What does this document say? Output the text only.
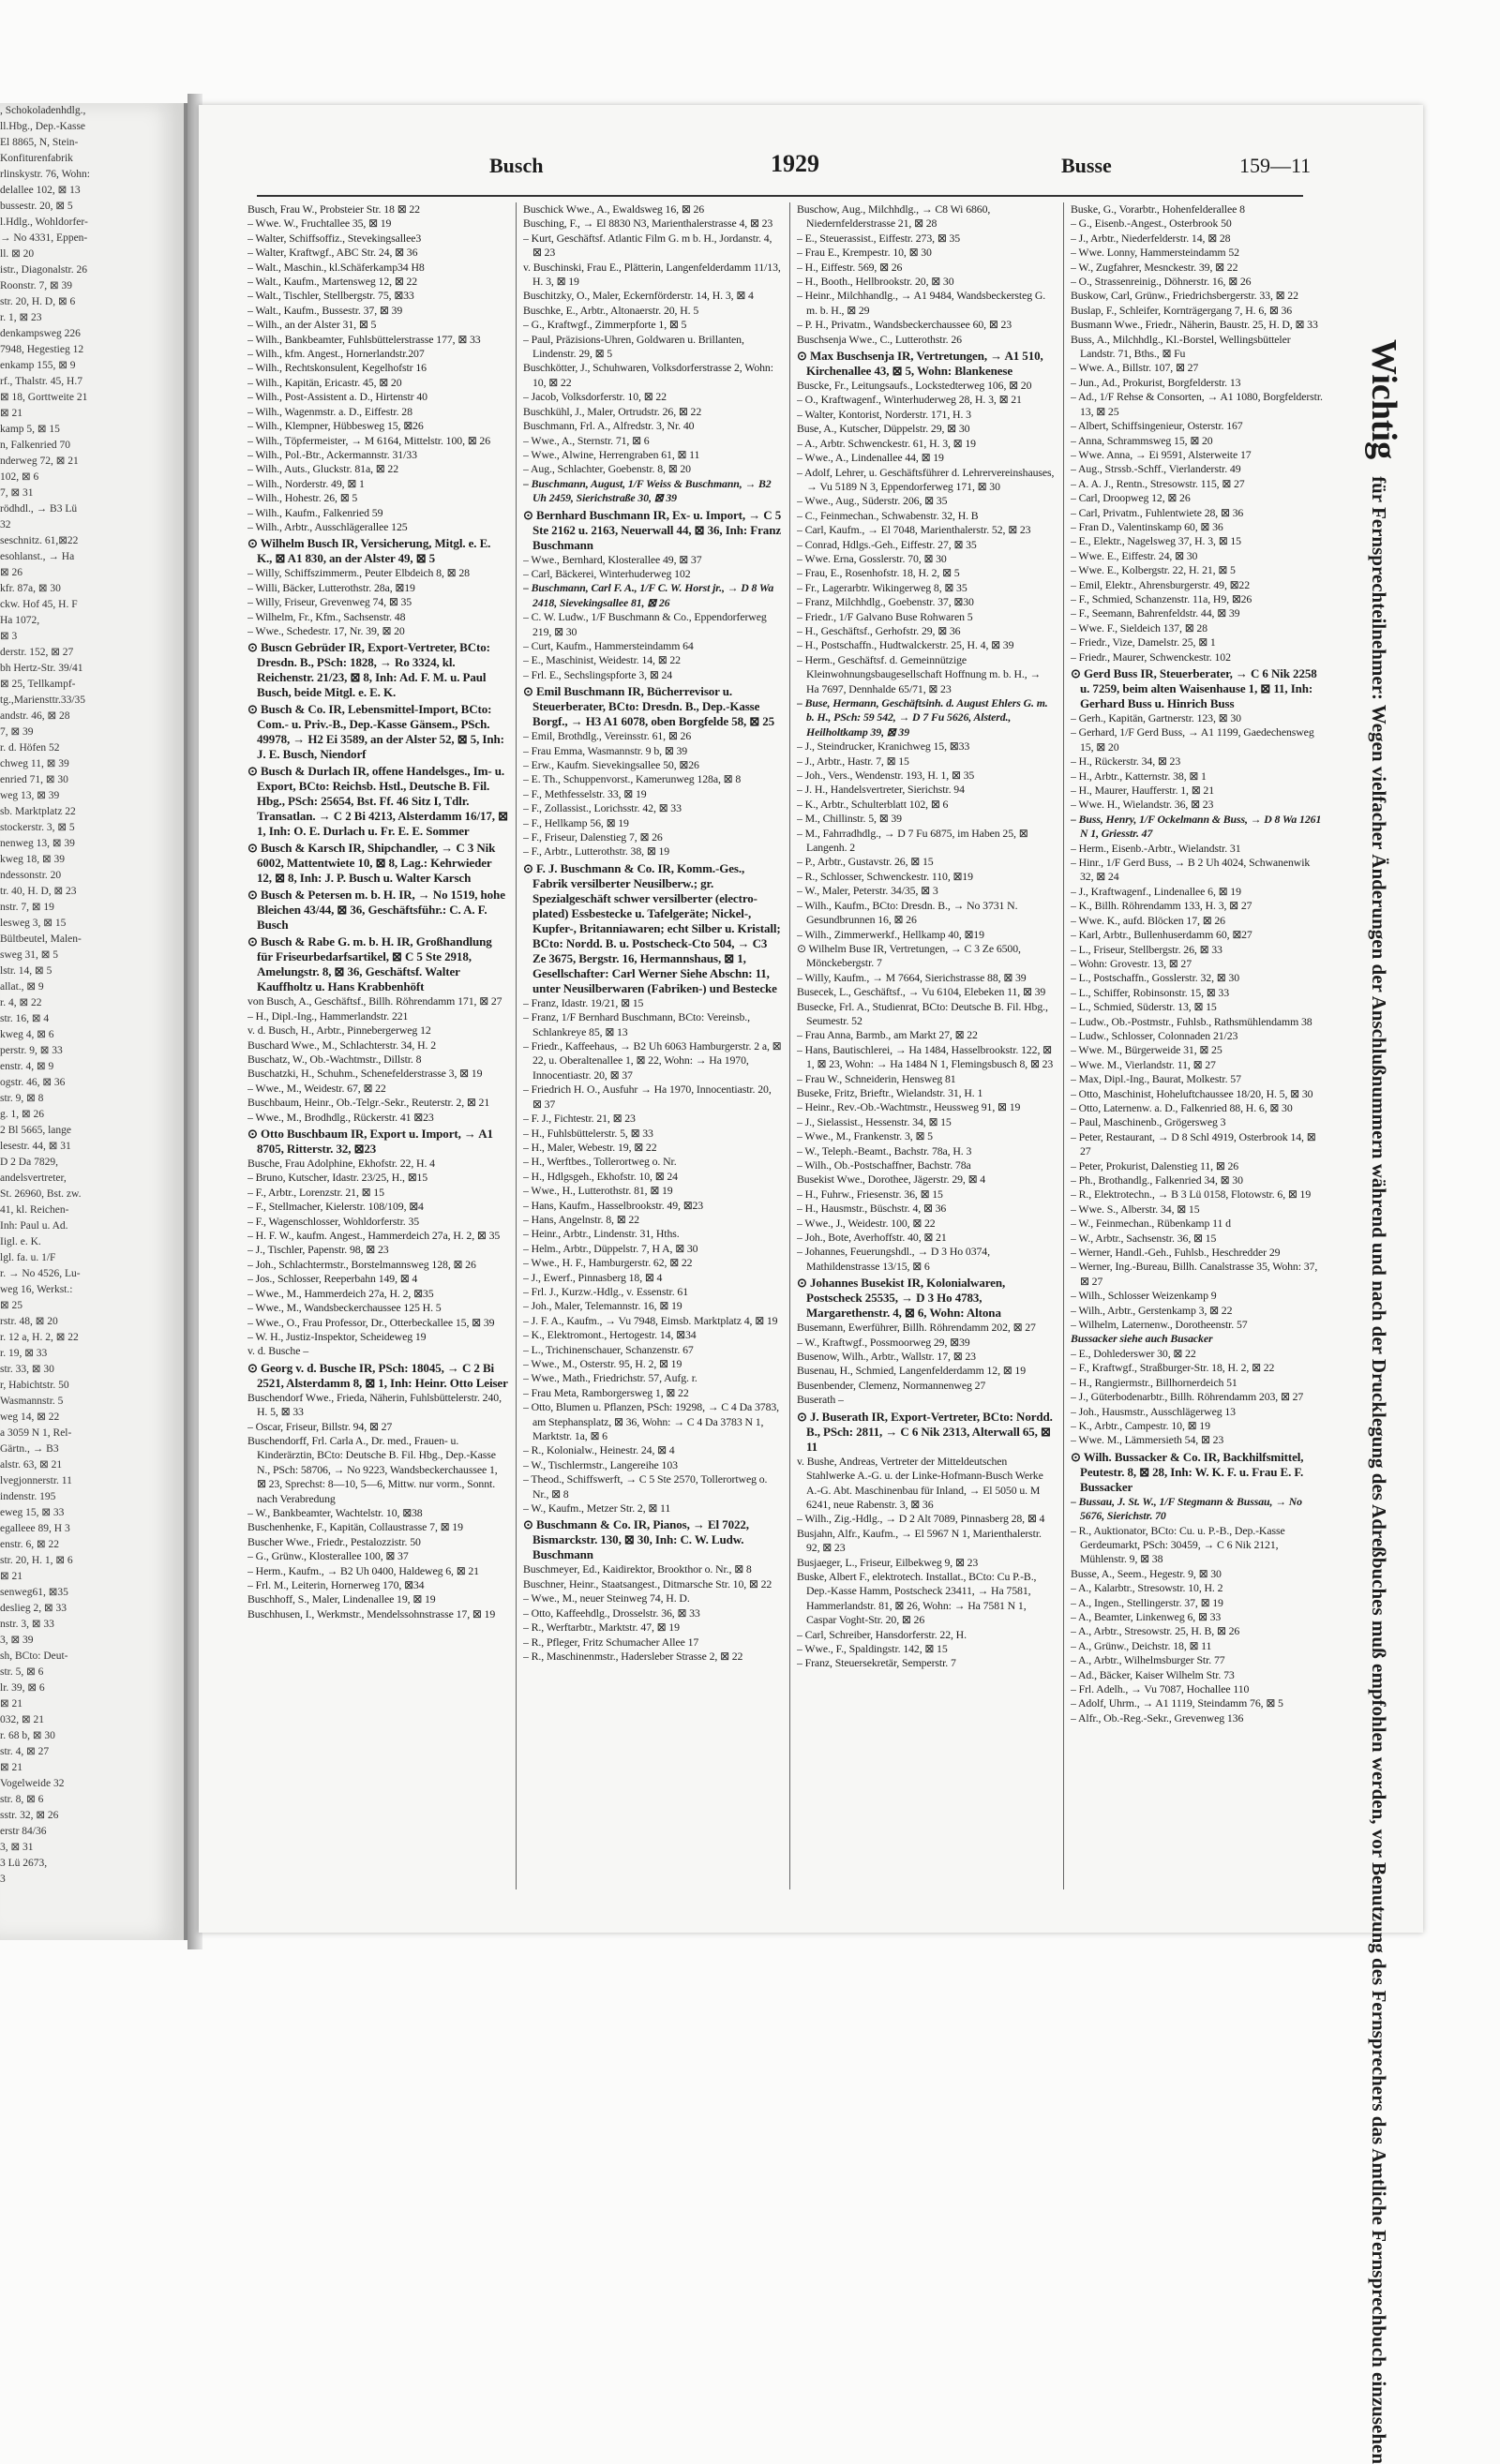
, Schokoladenhdlg.,
ll.Hbg., Dep.-Kasse
El 8865, N, Stein-
Konfiturenfabrik
rlinskystr. 76, Wohn:
delallee 102, ⊠ 13
bussestr. 20, ⊠ 5
l.Hdlg., Wohldorfer-
→ No 4331, Eppen-
ll. ⊠ 20
istr., Diagonalstr. 26
Roonstr. 7, ⊠ 39
str. 20, H. D, ⊠ 6
r. 1, ⊠ 23
denkampsweg 226
7948, Hegestieg 12
enkamp 155, ⊠ 9
rf., Thalstr. 45, H.7
⊠ 18, Gorttweite 21
⊠ 21
kamp 5, ⊠ 15
n, Falkenried 70
nderweg 72, ⊠ 21
102, ⊠ 6
7, ⊠ 31
rödhdl., → B3 Lü
32
seschnitz. 61,⊠22
esohlanst., → Ha
⊠ 26
kfr. 87a, ⊠ 30
ckw. Hof 45, H. F
Ha 1072,
⊠ 3
derstr. 152, ⊠ 27
bh Hertz-Str. 39/41
⊠ 25, Tellkampf-
tg.,Mariensttr.33/35
andstr. 46, ⊠ 28
7, ⊠ 39
r. d. Höfen 52
chweg 11, ⊠ 39
enried 71, ⊠ 30
weg 13, ⊠ 39
sb. Marktplatz 22
stockerstr. 3, ⊠ 5
nenweg 13, ⊠ 39
kweg 18, ⊠ 39
ndessonstr. 20
tr. 40, H. D, ⊠ 23
nstr. 7, ⊠ 19
lesweg 3, ⊠ 15
Bültbeutel, Malen-
sweg 31, ⊠ 5
lstr. 14, ⊠ 5
allat., ⊠ 9
r. 4, ⊠ 22
str. 16, ⊠ 4
kweg 4, ⊠ 6
perstr. 9, ⊠ 33
enstr. 4, ⊠ 9
ogstr. 46, ⊠ 36
str. 9, ⊠ 8
g. 1, ⊠ 26
2 Bl 5665, lange
lesestr. 44, ⊠ 31
D 2 Da 7829,
andelsvertreter,
St. 26960, Bst. zw.
41, kl. Reichen-
Inh: Paul u. Ad.
Iigl. e. K.
lgl. fa. u. 1/F
r. → No 4526, Lu-
weg 16, Werkst.:
⊠ 25
rstr. 48, ⊠ 20
r. 12 a, H. 2, ⊠ 22
r. 19, ⊠ 33
str. 33, ⊠ 30
r, Habichtstr. 50
Wasmannstr. 5
weg 14, ⊠ 22
a 3059 N 1, Rel-
Gärtn., → B3
alstr. 63, ⊠ 21
lvegjonnerstr. 11
indenstr. 195
eweg 15, ⊠ 33
egalleee 89, H 3
enstr. 6, ⊠ 22
str. 20, H. 1, ⊠ 6
⊠ 21
senweg61, ⊠35
deslieg 2, ⊠ 33
nstr. 3, ⊠ 33
3, ⊠ 39
sh, BCto: Deut-
str. 5, ⊠ 6
lr. 39, ⊠ 6
⊠ 21
032, ⊠ 21
r. 68 b, ⊠ 30
str. 4, ⊠ 27
⊠ 21
Vogelweide 32
str. 8, ⊠ 6
sstr. 32, ⊠ 26
erstr 84/36
3, ⊠ 31
3 Lü 2673,
3
Busch	1929	Busse	159—11
Busch, Frau W., Probsteier Str. 18 ⊠ 22
– Wwe. W., Fruchtallee 35, ⊠ 19
– Walter, Schiffsoffiz., Stevekingsallee3
– Walter, Kraftwgf., ABC Str. 24, ⊠ 36
– Walt., Maschin., kl.Schäferkamp34 H8
– Walt., Kaufm., Martensweg 12, ⊠ 22
– Walt., Tischler, Stellbergstr. 75, ⊠33
– Walt., Kaufm., Bussestr. 37, ⊠ 39
– Wilh., an der Alster 31, ⊠ 5
– Wilh., Bankbeamter, Fuhlsbüttelerstrasse 177, ⊠ 33
– Wilh., kfm. Angest., Hornerlandstr.207
– Wilh., Rechtskonsulent, Kegelhofstr 16
– Wilh., Kapitän, Ericastr. 45, ⊠ 20
– Wilh., Post-Assistent a. D., Hirtenstr 40
– Wilh., Wagenmstr. a. D., Eiffestr. 28
– Wilh., Klempner, Hübbesweg 15, ⊠26
– Wilh., Töpfermeister, → M 6164, Mittelstr. 100, ⊠ 26
– Wilh., Pol.-Btr., Ackermannstr. 31/33
– Wilh., Auts., Gluckstr. 81a, ⊠ 22
– Wilh., Norderstr. 49, ⊠ 1
– Wilh., Hohestr. 26, ⊠ 5
– Wilh., Kaufm., Falkenried 59
– Wilh., Arbtr., Ausschlägerallee 125
⊙ Wilhelm Busch IR, Versicherung, Mitgl. e. E. K., ⊠ A1 830, an der Alster 49, ⊠ 5
– Willy, Schiffszimmerm., Peuter Elbdeich 8, ⊠ 28
– Willi, Bäcker, Lutterothstr. 28a, ⊠19
– Willy, Friseur, Grevenweg 74, ⊠ 35
– Wilhelm, Fr., Kfm., Sachsenstr. 48
– Wwe., Schedestr. 17, Nr. 39, ⊠ 20
⊙ Buscn Gebrüder IR, Export-Vertreter, BCto: Dresdn. B., PSch: 1828, → Ro 3324, kl. Reichenstr. 21/23, ⊠ 8, Inh: Ad. F. M. u. Paul Busch, beide Mitgl. e. E. K.
⊙ Busch & Co. IR, Lebensmittel-Import, BCto: Com.- u. Priv.-B., Dep.-Kasse Gänsem., PSch. 49978, → H2 Ei 3589, an der Alster 52, ⊠ 5, Inh: J. E. Busch, Niendorf
⊙ Busch & Durlach IR, offene Handelsges., Im- u. Export, BCto: Reichsb. Hstl., Deutsche B. Fil. Hbg., PSch: 25654, Bst. Ff. 46 Sitz I, Tdlr. Transatlan. → C 2 Bi 4213, Alsterdamm 16/17, ⊠ 1, Inh: O. E. Durlach u. Fr. E. E. Sommer
⊙ Busch & Karsch IR, Shipchandler, → C 3 Nik 6002, Mattentwiete 10, ⊠ 8, Lag.: Kehrwieder 12, ⊠ 8, Inh: J. P. Busch u. Walter Karsch
⊙ Busch & Petersen m. b. H. IR, → No 1519, hohe Bleichen 43/44, ⊠ 36, Geschäftsführ.: C. A. F. Busch
⊙ Busch & Rabe G. m. b. H. IR, Großhandlung für Friseurbedarfsartikel, ⊠ C 5 Ste 2918, Amelungstr. 8, ⊠ 36, Geschäftsf. Walter Kauffholtz u. Hans Krabbenhöft
von Busch, A., Geschäftsf., Billh. Röhrendamm 171, ⊠ 27
– H., Dipl.-Ing., Hammerlandstr. 221
v. d. Busch, H., Arbtr., Pinnebergerweg 12
Buschard Wwe., M., Schlachterstr. 34, H. 2
Buschatz, W., Ob.-Wachtmstr., Dillstr. 8
Buschatzki, H., Schuhm., Schenefelderstrasse 3, ⊠ 19
– Wwe., M., Weidestr. 67, ⊠ 22
Buschbaum, Heinr., Ob.-Telgr.-Sekr., Reuterstr. 2, ⊠ 21
– Wwe., M., Brodhdlg., Rückerstr. 41 ⊠23
⊙ Otto Buschbaum IR, Export u. Import, → A1 8705, Ritterstr. 32, ⊠23
Busche, Frau Adolphine, Ekhofstr. 22, H. 4
– Bruno, Kutscher, Idastr. 23/25, H., ⊠15
– F., Arbtr., Lorenzstr. 21, ⊠ 15
– F., Stellmacher, Kielerstr. 108/109, ⊠4
– F., Wagenschlosser, Wohldorferstr. 35
– H. F. W., kaufm. Angest., Hammerdeich 27a, H. 2, ⊠ 35
– J., Tischler, Papenstr. 98, ⊠ 23
– Joh., Schlachtermstr., Borstelmannsweg 128, ⊠ 26
– Jos., Schlosser, Reeperbahn 149, ⊠ 4
– Wwe., M., Hammerdeich 27a, H. 2, ⊠35
– Wwe., M., Wandsbeckerchaussee 125 H. 5
– Wwe., O., Frau Professor, Dr., Otterbeckallee 15, ⊠ 39
– W. H., Justiz-Inspektor, Scheideweg 19
v. d. Busche –
⊙ Georg v. d. Busche IR, PSch: 18045, → C 2 Bi 2521, Alsterdamm 8, ⊠ 1, Inh: Heinr. Otto Leiser
Buschendorf Wwe., Frieda, Näherin, Fuhlsbüttelerstr. 240, H. 5, ⊠ 33
– Oscar, Friseur, Billstr. 94, ⊠ 27
Buschendorff, Frl. Carla A., Dr. med., Frauen- u. Kinderärztin, BCto: Deutsche B. Fil. Hbg., Dep.-Kasse N., PSch: 58706, → No 9223, Wandsbeckerchaussee 1, ⊠ 23, Sprechst: 8—10, 5—6, Mittw. nur vorm., Sonnt. nach Verabredung
– W., Bankbeamter, Wachtelstr. 10, ⊠38
Buschenhenke, F., Kapitän, Collaustrasse 7, ⊠ 19
Buscher Wwe., Friedr., Pestalozzistr. 50
– G., Grünw., Klosterallee 100, ⊠ 37
– Herm., Kaufm., → B2 Uh 0400, Haldeweg 6, ⊠ 21
– Frl. M., Leiterin, Hornerweg 170, ⊠34
Buschhoff, S., Maler, Lindenallee 19, ⊠ 19
Buschhusen, I., Werkmstr., Mendelssohnstrasse 17, ⊠ 19
Buschick Wwe., A., Ewaldsweg 16, ⊠ 26
Busching, F., → El 8830 N3, Marienthalerstrasse 4, ⊠ 23
– Kurt, Geschäftsf. Atlantic Film G. m b. H., Jordanstr. 4, ⊠ 23
v. Buschinski, Frau E., Plätterin, Langenfelderdamm 11/13, H. 3, ⊠ 19
Buschitzky, O., Maler, Eckernförderstr. 14, H. 3, ⊠ 4
Buschke, E., Arbtr., Altonaerstr. 20, H. 5
– G., Kraftwgf., Zimmerpforte 1, ⊠ 5
– Paul, Präzisions-Uhren, Goldwaren u. Brillanten, Lindenstr. 29, ⊠ 5
Buschkötter, J., Schuhwaren, Volksdorferstrasse 2, Wohn: 10, ⊠ 22
– Jacob, Volksdorferstr. 10, ⊠ 22
Buschkühl, J., Maler, Ortrudstr. 26, ⊠ 22
Buschmann, Frl. A., Alfredstr. 3, Nr. 40
– Wwe., A., Sternstr. 71, ⊠ 6
– Wwe., Alwine, Herrengraben 61, ⊠ 11
– Aug., Schlachter, Goebenstr. 8, ⊠ 20
– Buschmann, August, 1/F Weiss & Buschmann, → B2 Uh 2459, Sierichstraße 30, ⊠ 39
⊙ Bernhard Buschmann IR, Ex- u. Import, → C 5 Ste 2162 u. 2163, Neuerwall 44, ⊠ 36, Inh: Franz Buschmann
– Wwe., Bernhard, Klosterallee 49, ⊠ 37
– Carl, Bäckerei, Winterhuderweg 102
– Buschmann, Carl F. A., 1/F C. W. Horst jr., → D 8 Wa 2418, Sievekingsallee 81, ⊠ 26
– C. W. Ludw., 1/F Buschmann & Co., Eppendorferweg 219, ⊠ 30
– Curt, Kaufm., Hammersteindamm 64
– E., Maschinist, Weidestr. 14, ⊠ 22
– Frl. E., Sechslingspforte 3, ⊠ 24
⊙ Emil Buschmann IR, Bücherrevisor u. Steuerberater, BCto: Dresdn. B., Dep.-Kasse Borgf., → H3 A1 6078, oben Borgfelde 58, ⊠ 25
– Emil, Brothdlg., Vereinsstr. 61, ⊠ 26
– Frau Emma, Wasmannstr. 9 b, ⊠ 39
– Erw., Kaufm. Sievekingsallee 50, ⊠26
– E. Th., Schuppenvorst., Kamerunweg 128a, ⊠ 8
– F., Methfesselstr. 33, ⊠ 19
– F., Zollassist., Lorichsstr. 42, ⊠ 33
– F., Hellkamp 56, ⊠ 19
– F., Friseur, Dalenstieg 7, ⊠ 26
– F., Arbtr., Lutterothstr. 38, ⊠ 19
⊙ F. J. Buschmann & Co. IR, Komm.-Ges., Fabrik versilberter Neusilberw.; gr. Spezialgeschäft schwer versilberter (electro-plated) Essbestecke u. Tafelgeräte; Nickel-, Kupfer-, Britanniawaren; echt Silber u. Kristall; BCto: Nordd. B. u. Postscheck-Cto 504, → C3 Ze 3675, Bergstr. 16, Hermannshaus, ⊠ 1, Gesellschafter: Carl Werner Siehe Abschn: 11, unter Neusilberwaren (Fabriken-) und Bestecke
– Franz, Idastr. 19/21, ⊠ 15
– Franz, 1/F Bernhard Buschmann, BCto: Vereinsb., Schlankreye 85, ⊠ 13
– Friedr., Kaffeehaus, → B2 Uh 6063 Hamburgerstr. 2 a, ⊠ 22, u. Oberaltenallee 1, ⊠ 22, Wohn: → Ha 1970, Innocentiastr. 20, ⊠ 37
– Friedrich H. O., Ausfuhr → Ha 1970, Innocentiastr. 20, ⊠ 37
– F. J., Fichtestr. 21, ⊠ 23
– H., Fuhlsbüttelerstr. 5, ⊠ 33
– H., Maler, Webestr. 19, ⊠ 22
– H., Werftbes., Tollerortweg o. Nr.
– H., Hdlgsgeh., Ekhofstr. 10, ⊠ 24
– Wwe., H., Lutterothstr. 81, ⊠ 19
– Hans, Kaufm., Hasselbrookstr. 49, ⊠23
– Hans, Angelnstr. 8, ⊠ 22
– Heinr., Arbtr., Lindenstr. 31, Hths.
– Helm., Arbtr., Düppelstr. 7, H A, ⊠ 30
– Wwe., H. F., Hamburgerstr. 62, ⊠ 22
– J., Ewerf., Pinnasberg 18, ⊠ 4
– Frl. J., Kurzw.-Hdlg., v. Essenstr. 61
– Joh., Maler, Telemannstr. 16, ⊠ 19
– J. F. A., Kaufm., → Vu 7948, Eimsb. Marktplatz 4, ⊠ 19
– K., Elektromont., Hertogestr. 14, ⊠34
– L., Trichinenschauer, Schanzenstr. 67
– Wwe., M., Osterstr. 95, H. 2, ⊠ 19
– Wwe., Math., Friedrichstr. 57, Aufg. r.
– Frau Meta, Ramborgersweg 1, ⊠ 22
– Otto, Blumen u. Pflanzen, PSch: 19298, → C 4 Da 3783, am Stephansplatz, ⊠ 36, Wohn: → C 4 Da 3783 N 1, Marktstr. 1a, ⊠ 6
– R., Kolonialw., Heinestr. 24, ⊠ 4
– W., Tischlermstr., Langereihe 103
– Theod., Schiffswerft, → C 5 Ste 2570, Tollerortweg o. Nr., ⊠ 8
– W., Kaufm., Metzer Str. 2, ⊠ 11
⊙ Buschmann & Co. IR, Pianos, → El 7022, Bismarckstr. 130, ⊠ 30, Inh: C. W. Ludw. Buschmann
Buschmeyer, Ed., Kaidirektor, Brookthor o. Nr., ⊠ 8
Buschner, Heinr., Staatsangest., Ditmarsche Str. 10, ⊠ 22
– Wwe., M., neuer Steinweg 74, H. D.
– Otto, Kaffeehdlg., Drosselstr. 36, ⊠ 33
– R., Werftarbtr., Marktstr. 47, ⊠ 19
– R., Pfleger, Fritz Schumacher Allee 17
– R., Maschinenmstr., Hadersleber Strasse 2, ⊠ 22
Buschow, Aug., Milchhdlg., → C8 Wi 6860, Niedernfelderstrasse 21, ⊠ 28
– E., Steuerassist., Eiffestr. 273, ⊠ 35
– Frau E., Krempestr. 10, ⊠ 30
– H., Eiffestr. 569, ⊠ 26
– H., Booth., Hellbrookstr. 20, ⊠ 30
– Heinr., Milchhandlg., → A1 9484, Wandsbeckersteg G. m. b. H., ⊠ 29
– P. H., Privatm., Wandsbeckerchaussee 60, ⊠ 23
Buschsenja Wwe., C., Lutterothstr. 26
⊙ Max Buschsenja IR, Vertretungen, → A1 510, Kirchenallee 43, ⊠ 5, Wohn: Blankenese
Buscke, Fr., Leitungsaufs., Lockstedterweg 106, ⊠ 20
– O., Kraftwagenf., Winterhuderweg 28, H. 3, ⊠ 21
– Walter, Kontorist, Norderstr. 171, H. 3
Buse, A., Kutscher, Düppelstr. 29, ⊠ 30
– A., Arbtr. Schwenckestr. 61, H. 3, ⊠ 19
– Wwe., A., Lindenallee 44, ⊠ 19
– Adolf, Lehrer, u. Geschäftsführer d. Lehrervereinshauses, → Vu 5189 N 3, Eppendorferweg 171, ⊠ 30
– Wwe., Aug., Süderstr. 206, ⊠ 35
– C., Feinmechan., Schwabenstr. 32, H. B
– Carl, Kaufm., → El 7048, Marienthalerstr. 52, ⊠ 23
– Conrad, Hdlgs.-Geh., Eiffestr. 27, ⊠ 35
– Wwe. Erna, Gosslerstr. 70, ⊠ 30
– Frau, E., Rosenhofstr. 18, H. 2, ⊠ 5
– Fr., Lagerarbtr. Wikingerweg 8, ⊠ 35
– Franz, Milchhdlg., Goebenstr. 37, ⊠30
– Friedr., 1/F Galvano Buse Rohwaren 5
– H., Geschäftsf., Gerhofstr. 29, ⊠ 36
– H., Postschaffn., Hudtwalckerstr. 25, H. 4, ⊠ 39
– Herm., Geschäftsf. d. Gemeinnützige Kleinwohnungsbaugesellschaft Hoffnung m. b. H., → Ha 7697, Dennhalde 65/71, ⊠ 23
– Buse, Hermann, Geschäftsinh. d. August Ehlers G. m. b. H., PSch: 59 542, → D 7 Fu 5626, Alsterd., Heilholtkamp 39, ⊠ 39
– J., Steindrucker, Kranichweg 15, ⊠33
– J., Arbtr., Hastr. 7, ⊠ 15
– Joh., Vers., Wendenstr. 193, H. 1, ⊠ 35
– J. H., Handelsvertreter, Sierichstr. 94
– K., Arbtr., Schulterblatt 102, ⊠ 6
– M., Chillinstr. 5, ⊠ 39
– M., Fahrradhdlg., → D 7 Fu 6875, im Haben 25, ⊠ Langenh. 2
– P., Arbtr., Gustavstr. 26, ⊠ 15
– R., Schlosser, Schwenckestr. 110, ⊠19
– W., Maler, Peterstr. 34/35, ⊠ 3
– Wilh., Kaufm., BCto: Dresdn. B., → No 3731 N. Gesundbrunnen 16, ⊠ 26
– Wilh., Zimmerwerkf., Hellkamp 40, ⊠19
⊙ Wilhelm Buse IR, Vertretungen, → C 3 Ze 6500, Mönckebergstr. 7
– Willy, Kaufm., → M 7664, Sierichstrasse 88, ⊠ 39
Busecek, L., Geschäftsf., → Vu 6104, Elebeken 11, ⊠ 39
Busecke, Frl. A., Studienrat, BCto: Deutsche B. Fil. Hbg., Seumestr. 52
– Frau Anna, Barmb., am Markt 27, ⊠ 22
– Hans, Bautischlerei, → Ha 1484, Hasselbrookstr. 122, ⊠ 1, ⊠ 23, Wohn: → Ha 1484 N 1, Flemingsbusch 8, ⊠ 23
– Frau W., Schneiderin, Hensweg 81
Buseke, Fritz, Brieftr., Wielandstr. 31, H. 1
– Heinr., Rev.-Ob.-Wachtmstr., Heussweg 91, ⊠ 19
– J., Sielassist., Hessenstr. 34, ⊠ 15
– Wwe., M., Frankenstr. 3, ⊠ 5
– W., Teleph.-Beamt., Bachstr. 78a, H. 3
– Wilh., Ob.-Postschaffner, Bachstr. 78a
Busekist Wwe., Dorothee, Jägerstr. 29, ⊠ 4
– H., Fuhrw., Friesenstr. 36, ⊠ 15
– H., Hausmstr., Büschstr. 4, ⊠ 36
– Wwe., J., Weidestr. 100, ⊠ 22
– Joh., Bote, Averhoffstr. 40, ⊠ 21
– Johannes, Feuerungshdl., → D 3 Ho 0374, Mathildenstrasse 13/15, ⊠ 6
⊙ Johannes Busekist IR, Kolonialwaren, Postscheck 25535, → D 3 Ho 4783, Margarethenstr. 4, ⊠ 6, Wohn: Altona
Busemann, Ewerführer, Billh. Röhrendamm 202, ⊠ 27
– W., Kraftwgf., Possmoorweg 29, ⊠39
Busenow, Wilh., Arbtr., Wallstr. 17, ⊠ 23
Busenau, H., Schmied, Langenfelderdamm 12, ⊠ 19
Busenbender, Clemenz, Normannenweg 27
Buserath –
⊙ J. Buserath IR, Export-Vertreter, BCto: Nordd. B., PSch: 2811, → C 6 Nik 2313, Alterwall 65, ⊠ 11
v. Bushe, Andreas, Vertreter der Mitteldeutschen Stahlwerke A.-G. u. der Linke-Hofmann-Busch Werke A.-G. Abt. Maschinenbau für Inland, → El 5050 u. M 6241, neue Rabenstr. 3, ⊠ 36
– Wilh., Zig.-Hdlg., → D 2 Alt 7089, Pinnasberg 28, ⊠ 4
Busjahn, Alfr., Kaufm., → El 5967 N 1, Marienthalerstr. 92, ⊠ 23
Busjaeger, L., Friseur, Eilbekweg 9, ⊠ 23
Buske, Albert F., elektrotech. Installat., BCto: Cu P.-B., Dep.-Kasse Hamm, Postscheck 23411, → Ha 7581, Hammerlandstr. 81, ⊠ 26, Wohn: → Ha 7581 N 1, Caspar Voght-Str. 20, ⊠ 26
– Carl, Schreiber, Hansdorferstr. 22, H.
– Wwe., F., Spaldingstr. 142, ⊠ 15
– Franz, Steuersekretär, Semperstr. 7
Buske, G., Vorarbtr., Hohenfelderallee 8
– G., Eisenb.-Angest., Osterbrook 50
– J., Arbtr., Niederfelderstr. 14, ⊠ 28
– Wwe. Lonny, Hammersteindamm 52
– W., Zugfahrer, Mesnckestr. 39, ⊠ 22
– O., Strassenreinig., Döhnerstr. 16, ⊠ 26
Buskow, Carl, Grünw., Friedrichsbergerstr. 33, ⊠ 22
Buslap, F., Schleifer, Kornträgergang 7, H. 6, ⊠ 36
Busmann Wwe., Friedr., Näherin, Baustr. 25, H. D, ⊠ 33
Buss, A., Milchhdlg., Kl.-Borstel, Wellingsbütteler Landstr. 71, Bths., ⊠ Fu
– Wwe. A., Billstr. 107, ⊠ 27
– Jun., Ad., Prokurist, Borgfelderstr. 13
– Ad., 1/F Rehse & Consorten, → A1 1080, Borgfelderstr. 13, ⊠ 25
– Albert, Schiffsingenieur, Osterstr. 167
– Anna, Schrammsweg 15, ⊠ 20
– Wwe. Anna, → Ei 9591, Alsterweite 17
– Aug., Strssb.-Schff., Vierlanderstr. 49
– A. A. J., Rentn., Stresowstr. 115, ⊠ 27
– Carl, Droopweg 12, ⊠ 26
– Carl, Privatm., Fuhlentwiete 28, ⊠ 36
– Fran D., Valentinskamp 60, ⊠ 36
– E., Elektr., Nagelsweg 37, H. 3, ⊠ 15
– Wwe. E., Eiffestr. 24, ⊠ 30
– Wwe. E., Kolbergstr. 22, H. 21, ⊠ 5
– Emil, Elektr., Ahrensburgerstr. 49, ⊠22
– F., Schmied, Schanzenstr. 11a, H9, ⊠26
– F., Seemann, Bahrenfeldstr. 44, ⊠ 39
– Wwe. F., Sieldeich 137, ⊠ 28
– Friedr., Vize, Damelstr. 25, ⊠ 1
– Friedr., Maurer, Schwenckestr. 102
⊙ Gerd Buss IR, Steuerberater, → C 6 Nik 2258 u. 7259, beim alten Waisenhause 1, ⊠ 11, Inh: Gerhard Buss u. Hinrich Buss
– Gerh., Kapitän, Gartnerstr. 123, ⊠ 30
– Gerhard, 1/F Gerd Buss, → A1 1199, Gaedechensweg 15, ⊠ 20
– H., Rückerstr. 34, ⊠ 23
– H., Arbtr., Katternstr. 38, ⊠ 1
– H., Maurer, Haufferstr. 1, ⊠ 21
– Wwe. H., Wielandstr. 36, ⊠ 23
– Buss, Henry, 1/F Ockelmann & Buss, → D 8 Wa 1261 N 1, Griesstr. 47
– Herm., Eisenb.-Arbtr., Wielandstr. 31
– Hinr., 1/F Gerd Buss, → B 2 Uh 4024, Schwanenwik 32, ⊠ 24
– J., Kraftwagenf., Lindenallee 6, ⊠ 19
– K., Billh. Röhrendamm 133, H. 3, ⊠ 27
– Wwe. K., aufd. Blöcken 17, ⊠ 26
– Karl, Arbtr., Bullenhuserdamm 60, ⊠27
– L., Friseur, Stellbergstr. 26, ⊠ 33
– Wohn: Grovestr. 13, ⊠ 27
– L., Postschaffn., Gosslerstr. 32, ⊠ 30
– L., Schiffer, Robinsonstr. 15, ⊠ 33
– L., Schmied, Süderstr. 13, ⊠ 15
– Ludw., Ob.-Postmstr., Fuhlsb., Rathsmühlendamm 38
– Ludw., Schlosser, Colonnaden 21/23
– Wwe. M., Bürgerweide 31, ⊠ 25
– Wwe. M., Vierlandstr. 11, ⊠ 27
– Max, Dipl.-Ing., Baurat, Molkestr. 57
– Otto, Maschinist, Hoheluftchaussee 18/20, H. 5, ⊠ 30
– Otto, Laternenw. a. D., Falkenried 88, H. 6, ⊠ 30
– Paul, Maschinenb., Grögersweg 3
– Peter, Restaurant, → D 8 Schl 4919, Osterbrook 14, ⊠ 27
– Peter, Prokurist, Dalenstieg 11, ⊠ 26
– Ph., Brothandlg., Falkenried 34, ⊠ 30
– R., Elektrotechn., → B 3 Lü 0158, Flotowstr. 6, ⊠ 19
– Wwe. S., Alberstr. 34, ⊠ 15
– W., Feinmechan., Rübenkamp 11 d
– W., Arbtr., Sachsenstr. 36, ⊠ 15
– Werner, Handl.-Geh., Fuhlsb., Heschredder 29
– Werner, Ing.-Bureau, Billh. Canalstrasse 35, Wohn: 37, ⊠ 27
– Wilh., Schlosser Weizenkamp 9
– Wilh., Arbtr., Gerstenkamp 3, ⊠ 22
– Wilhelm, Laternenw., Dorotheenstr. 57
Bussacker siehe auch Busacker
– E., Dohlederswer 30, ⊠ 22
– F., Kraftwgf., Straßburger-Str. 18, H. 2, ⊠ 22
– H., Rangiermstr., Billhornerdeich 51
– J., Güterbodenarbtr., Billh. Röhrendamm 203, ⊠ 27
– Joh., Hausmstr., Ausschlägerweg 13
– K., Arbtr., Campestr. 10, ⊠ 19
– Wwe. M., Lämmersieth 54, ⊠ 23
⊙ Wilh. Bussacker & Co. IR, Backhilfsmittel, Peutestr. 8, ⊠ 28, Inh: W. K. F. u. Frau E. F. Bussacker
– Bussau, J. St. W., 1/F Stegmann & Bussau, → No 5676, Sierichstr. 70
– R., Auktionator, BCto: Cu. u. P.-B., Dep.-Kasse Gerdeumarkt, PSch: 30459, → C 6 Nik 2121, Mühlenstr. 9, ⊠ 38
Busse, A., Seem., Hegestr. 9, ⊠ 30
– A., Kalarbtr., Stresowstr. 10, H. 2
– A., Ingen., Stellingerstr. 37, ⊠ 19
– A., Beamter, Linkenweg 6, ⊠ 33
– A., Arbtr., Stresowstr. 25, H. B, ⊠ 26
– A., Grünw., Deichstr. 18, ⊠ 11
– A., Arbtr., Wilhelmsburger Str. 77
– Ad., Bäcker, Kaiser Wilhelm Str. 73
– Frl. Adelh., → Vu 7087, Hochallee 110
– Adolf, Uhrm., → A1 1119, Steindamm 76, ⊠ 5
– Alfr., Ob.-Reg.-Sekr., Grevenweg 136
Wichtig für Fernsprechteilnehmer: Wegen vielfacher Änderungen der Anschlußnummern während und nach der Drucklegung des Adreßbuches muß empfohlen werden, vor Benutzung des Fernsprechers das Amtliche Fernsprechbuch einzusehen
